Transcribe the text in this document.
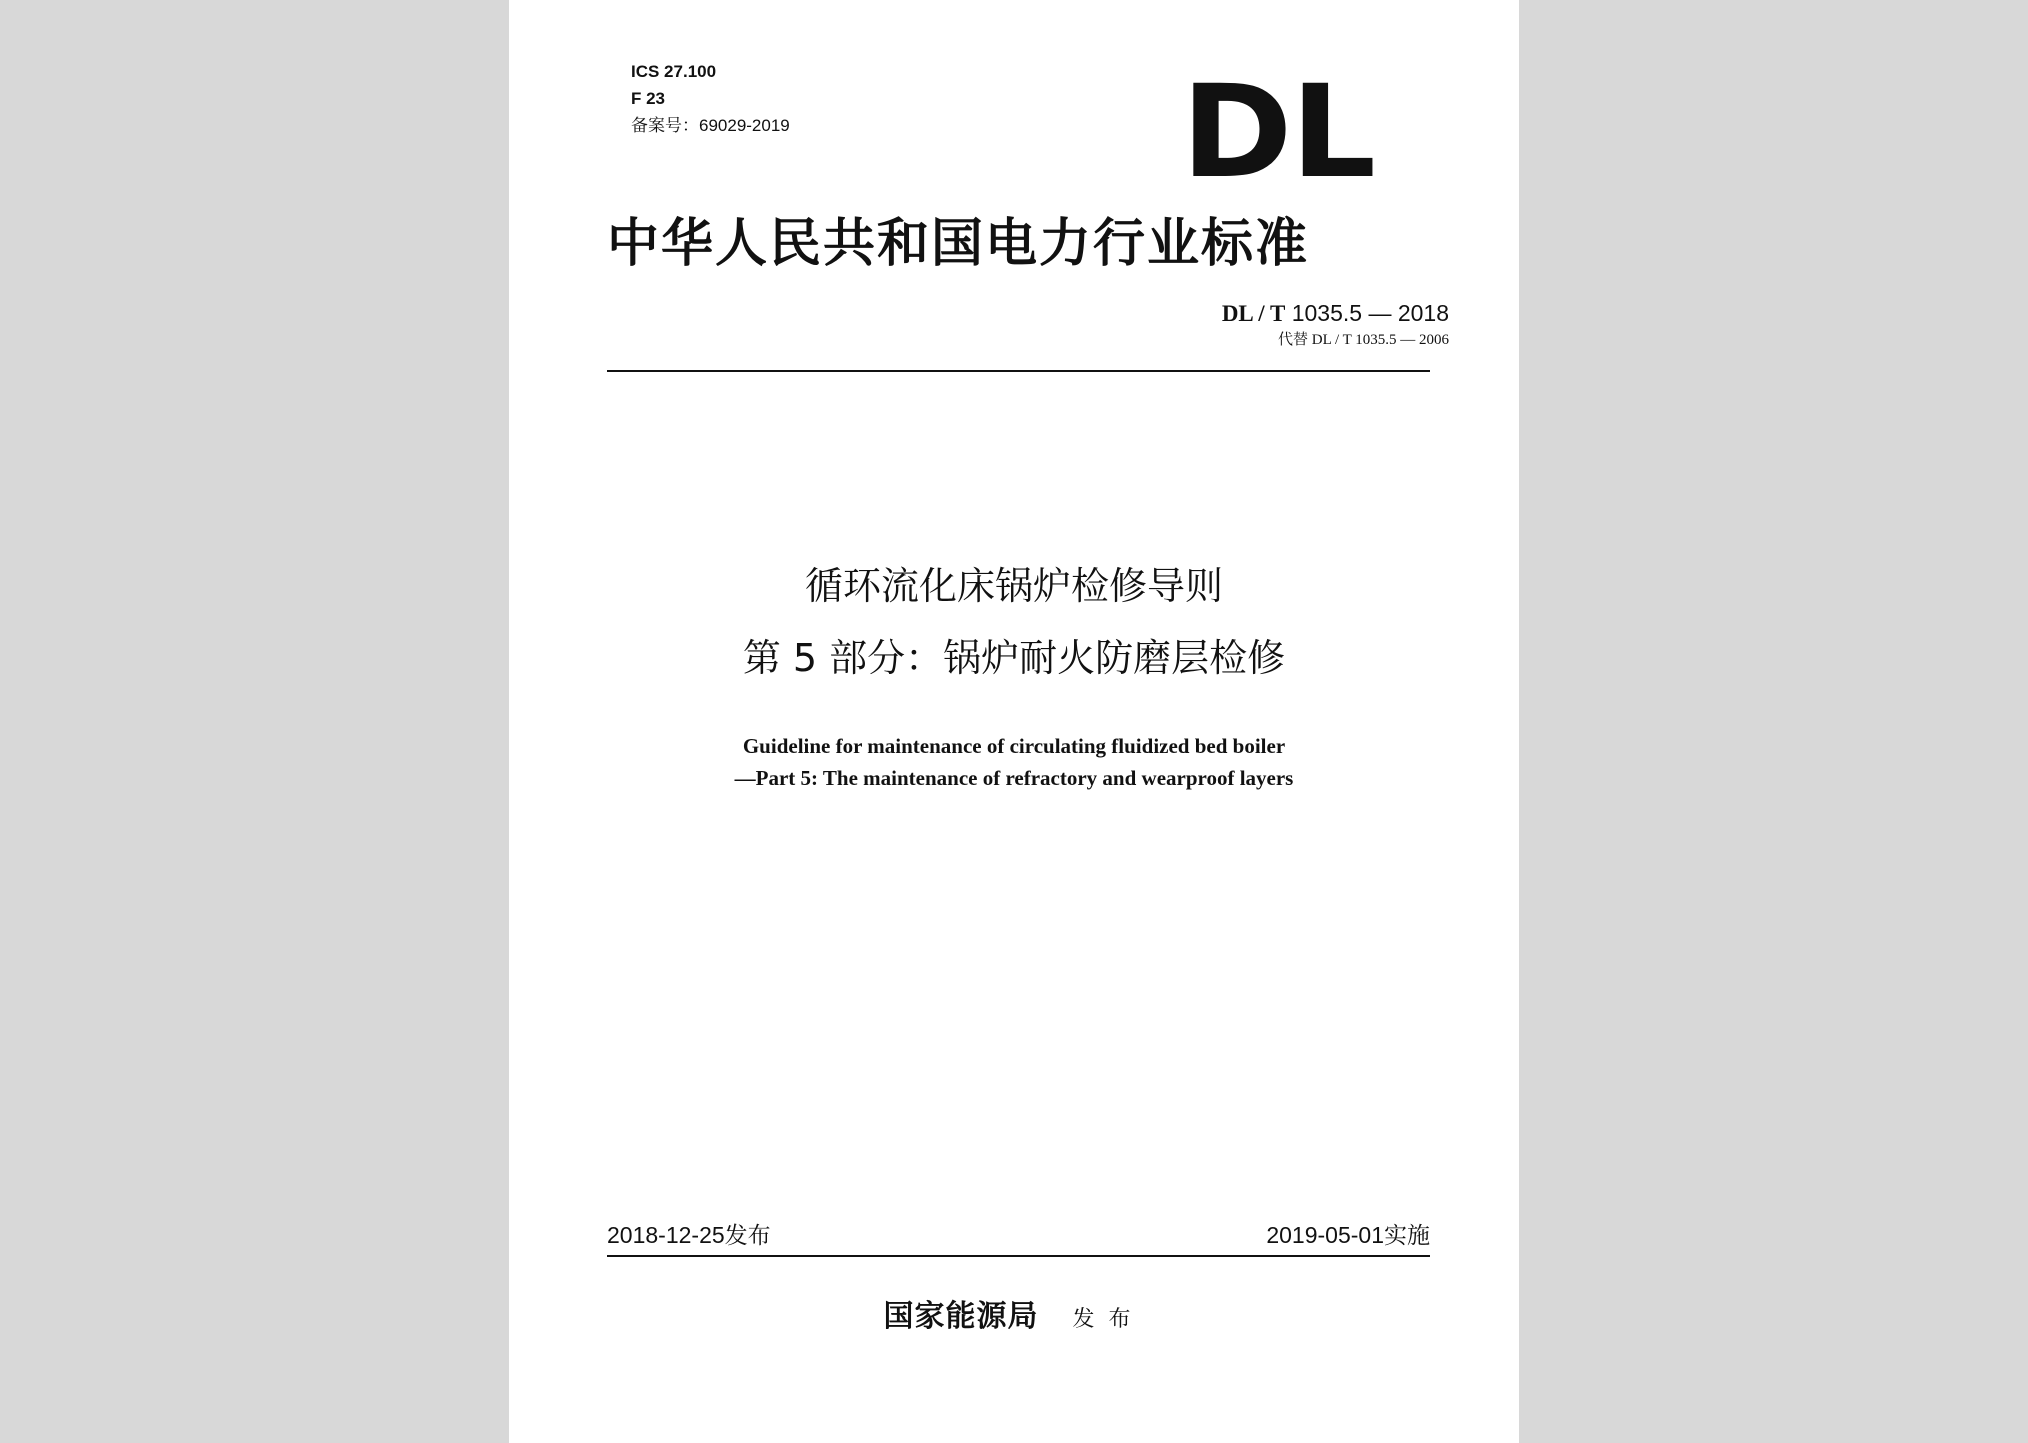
ICS 27.100
F 23
备案号：69029-2019	DL
中华人民共和国电力行业标准
DL / T 1035.5 — 2018
代替 DL / T 1035.5 — 2006
循环流化床锅炉检修导则
第 5 部分：锅炉耐火防磨层检修
Guideline for maintenance of circulating fluidized bed boiler
—Part 5: The maintenance of refractory and wearproof layers
2018-12-25发布	2019-05-01实施
国家能源局 发布
